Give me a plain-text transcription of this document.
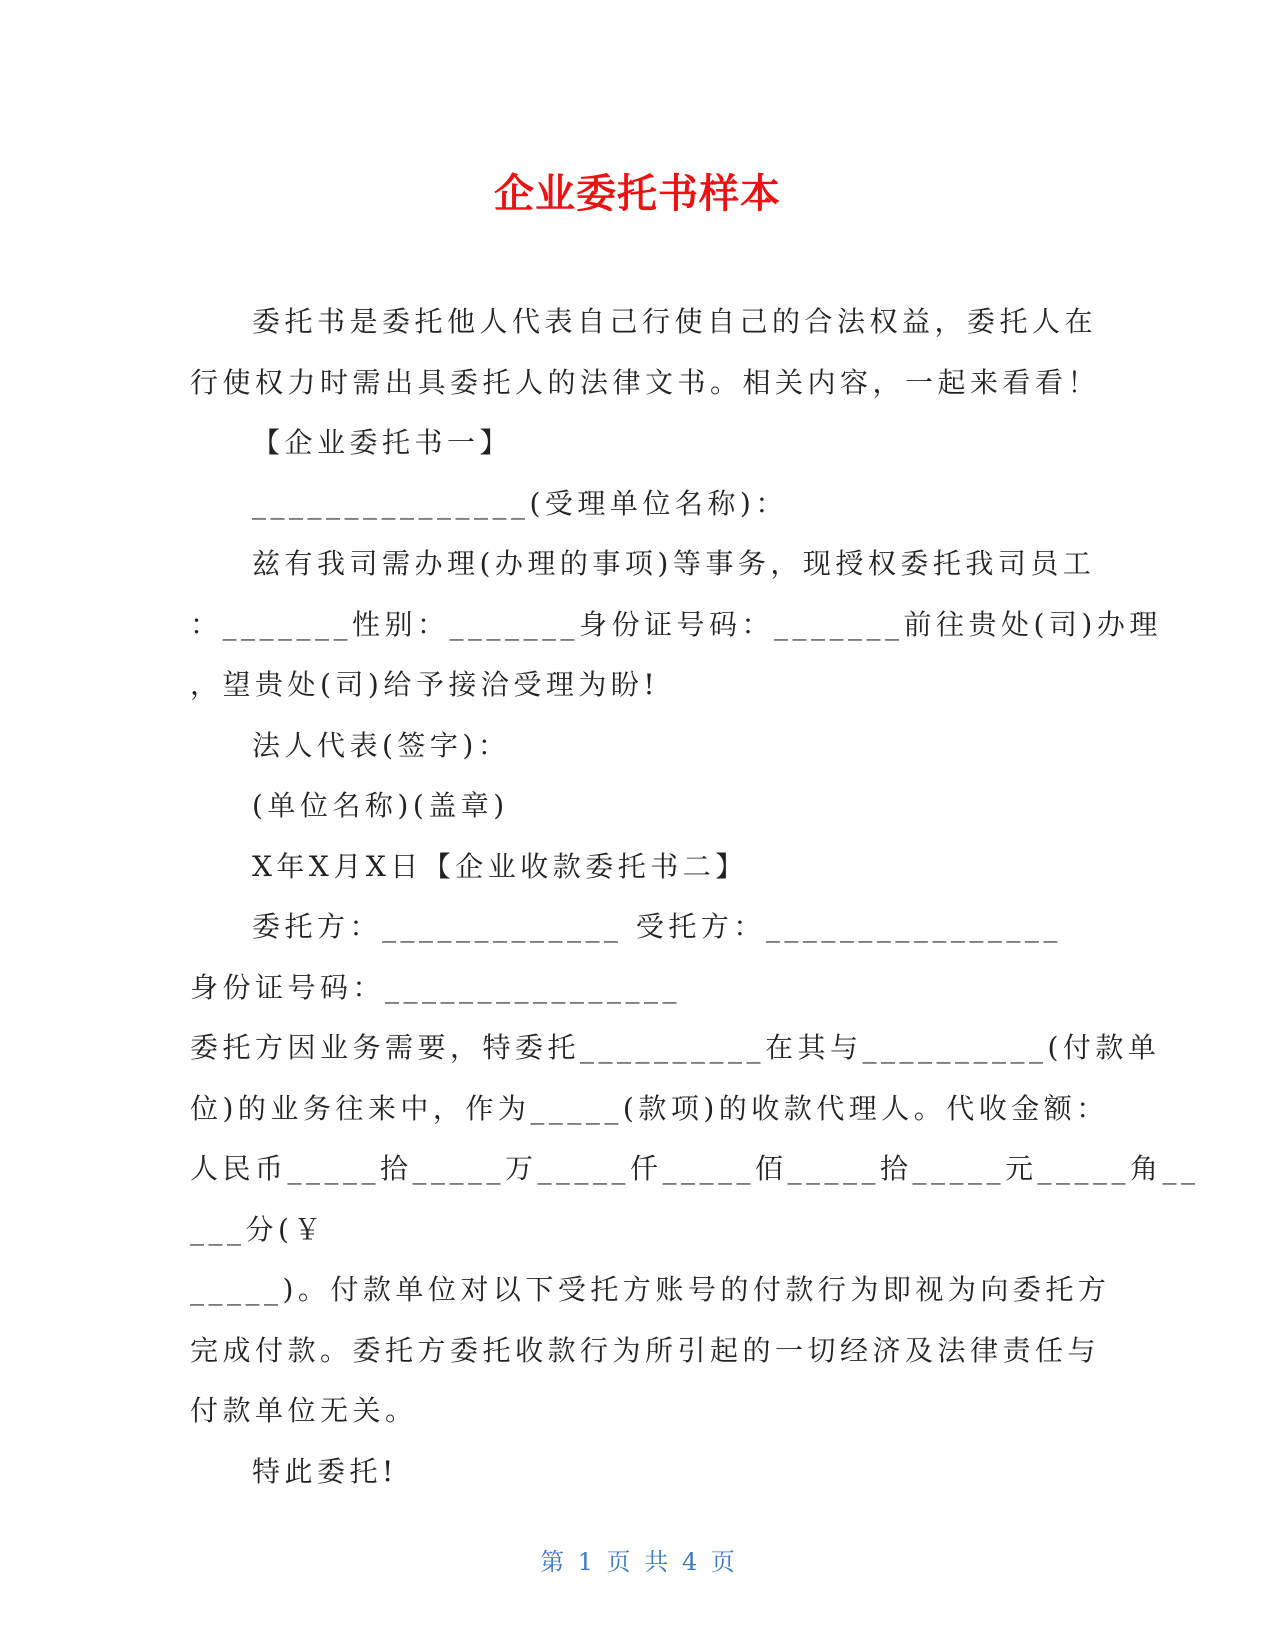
企业委托书样本

委托书是委托他人代表自己行使自己的合法权益，委托人在

行使权力时需出具委托人的法律文书。相关内容，一起来看看！

【企业委托书一】

_______________(受理单位名称)：

兹有我司需办理(办理的事项)等事务，现授权委托我司员工

：_______性别：_______身份证号码：_______前往贵处(司)办理

，望贵处(司)给予接洽受理为盼!

法人代表(签字)：

(单位名称)(盖章)

X年X月X日【企业收款委托书二】

委托方：_____________ 受托方：________________

身份证号码：________________

委托方因业务需要，特委托__________在其与__________(付款单

位)的业务往来中，作为_____(款项)的收款代理人。代收金额：

人民币_____拾_____万_____仟_____佰_____拾_____元_____角__

___分(￥

_____)。付款单位对以下受托方账号的付款行为即视为向委托方

完成付款。委托方委托收款行为所引起的一切经济及法律责任与

付款单位无关。

特此委托!

第 1 页 共 4 页
